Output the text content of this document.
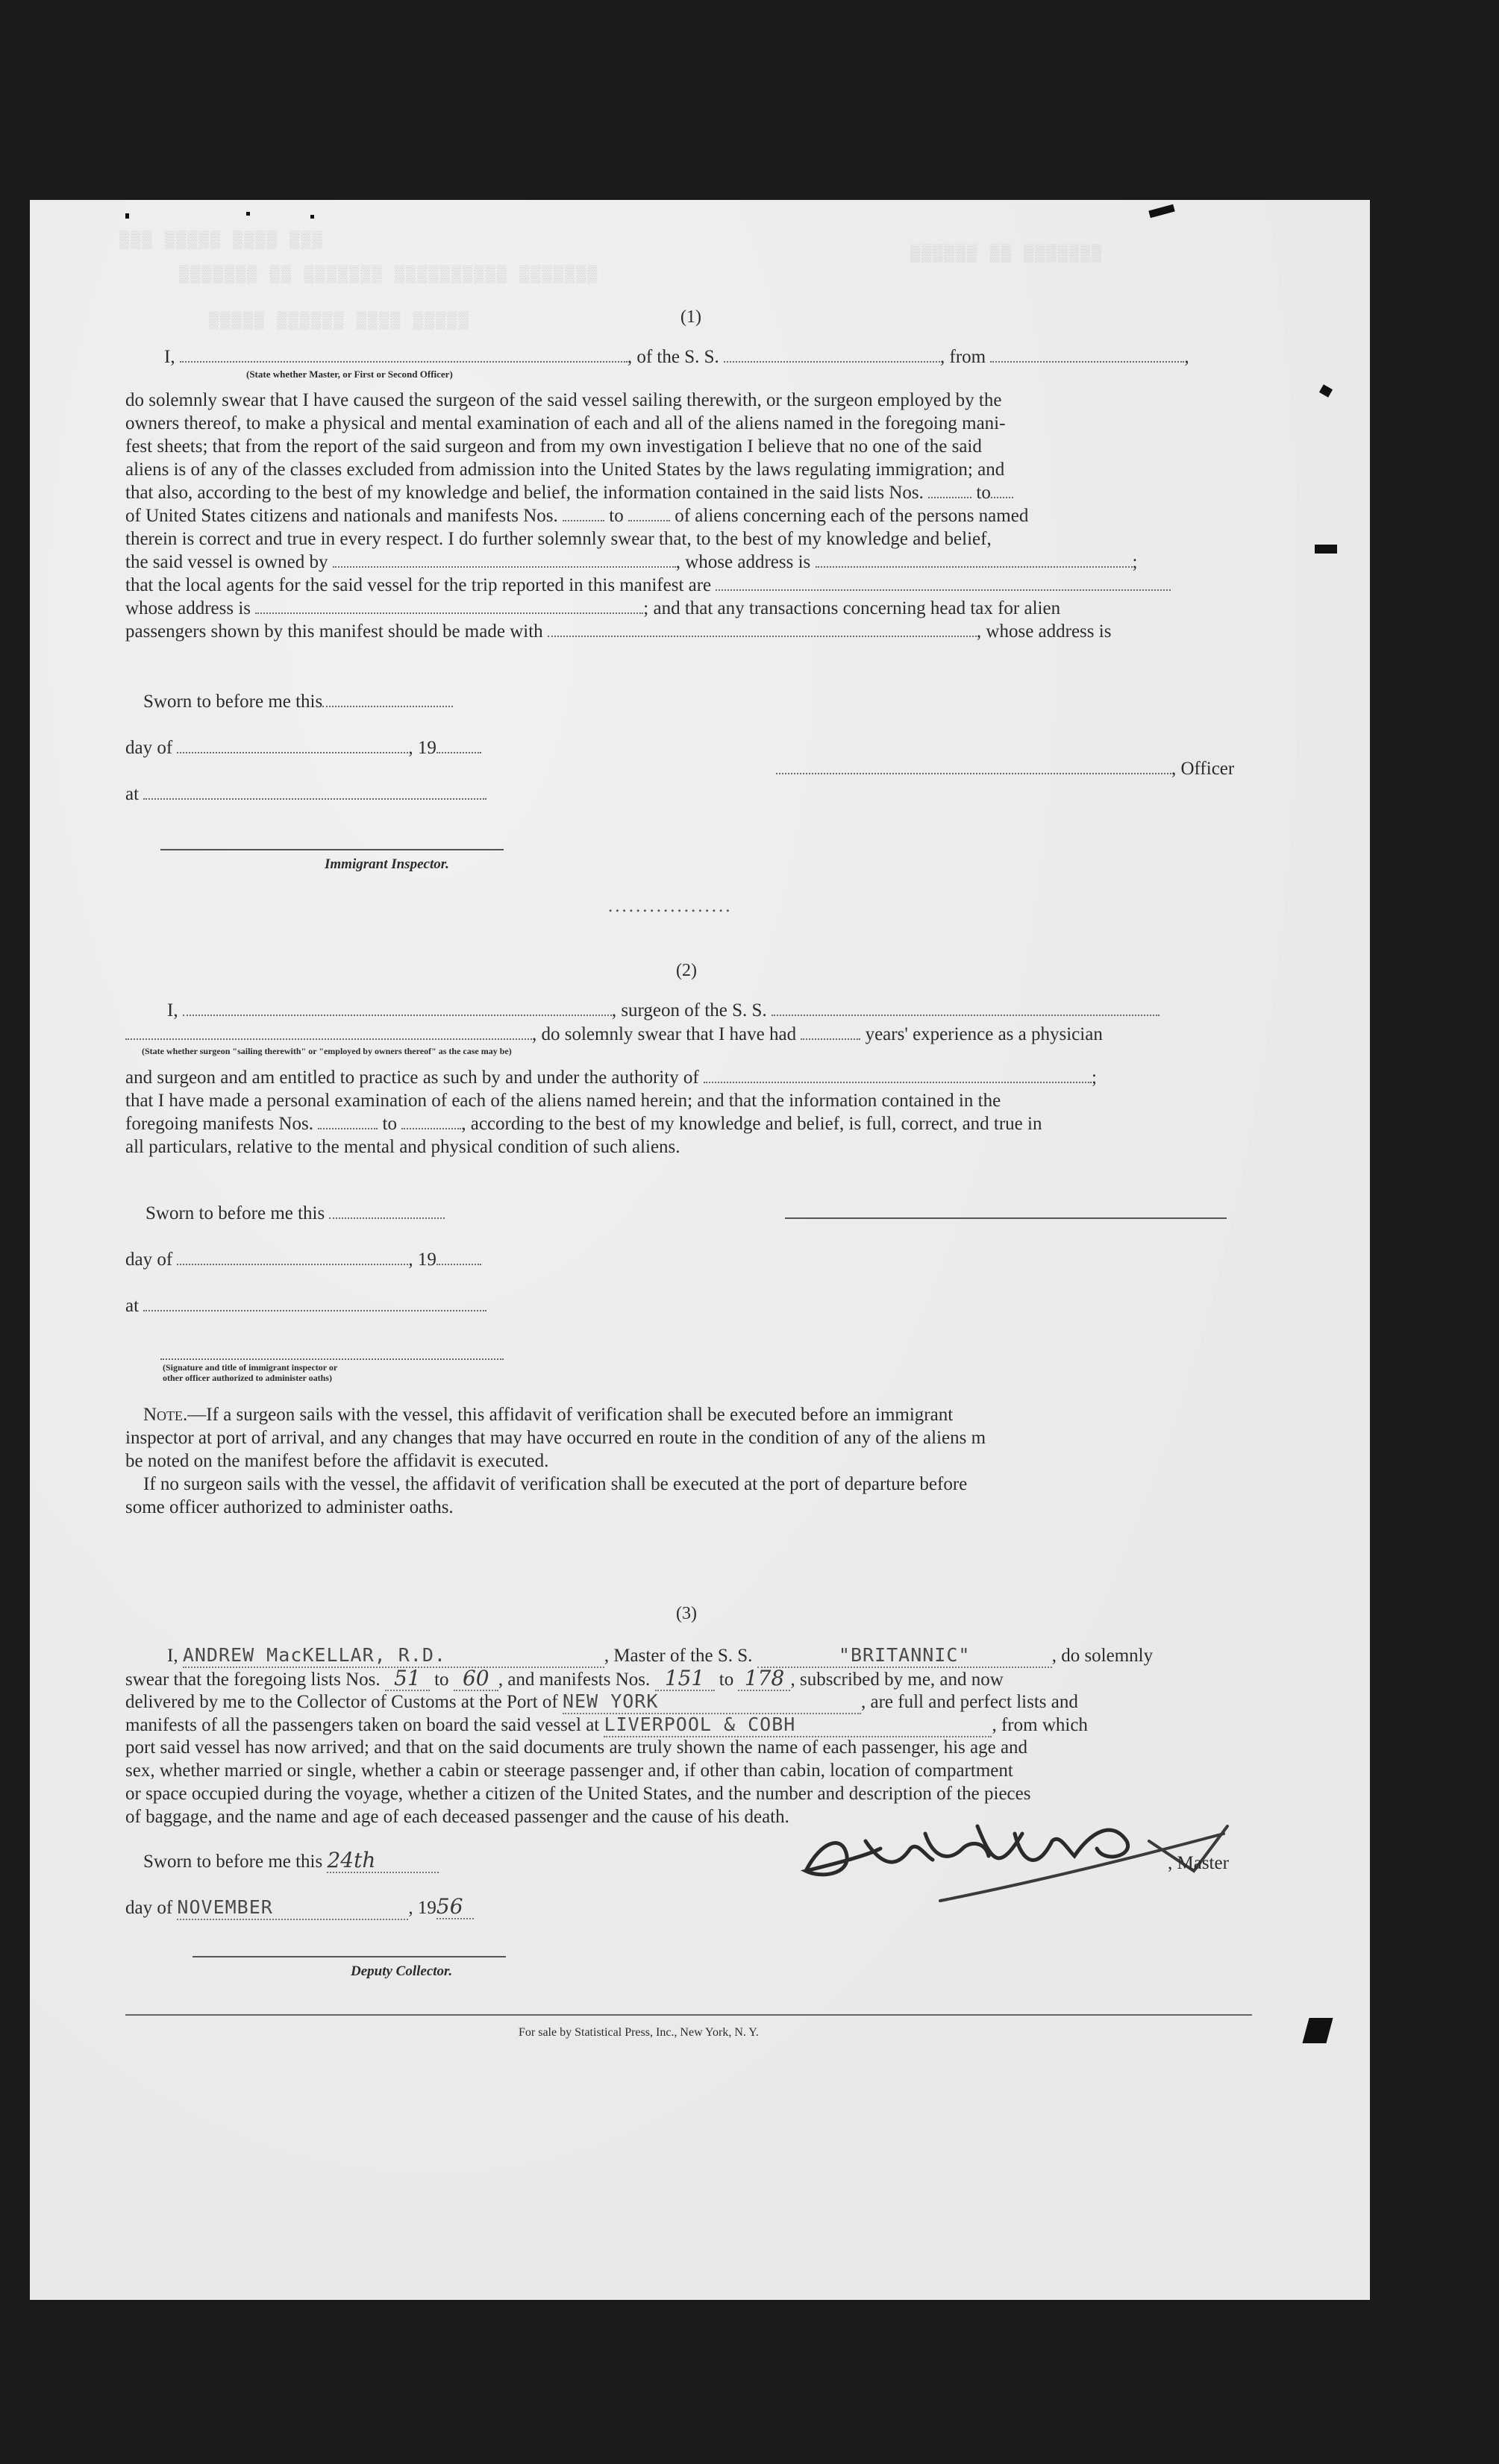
▒▒▒ ▒▒▒▒▒ ▒▒▒▒ ▒▒▒
▒▒▒▒▒▒▒ ▒▒ ▒▒▒▒▒▒▒ ▒▒▒▒▒▒▒▒▒▒ ▒▒▒▒▒▒▒
▒▒▒▒▒▒ ▒▒ ▒▒▒▒▒▒▒
▒▒▒▒▒ ▒▒▒▒▒▒ ▒▒▒▒ ▒▒▒▒▒	(1)
I,	, of the S. S.	, from	,
(State whether Master, or First or Second Officer)
do solemnly swear that I have caused the surgeon of the said vessel sailing therewith, or the surgeon employed by the
owners thereof, to make a physical and mental examination of each and all of the aliens named in the foregoing mani-
fest sheets; that from the report of the said surgeon and from my own investigation I believe that no one of the said
aliens is of any of the classes excluded from admission into the United States by the laws regulating immigration; and
that also, according to the best of my knowledge and belief, the information contained in the said lists Nos.	to
of United States citizens and nationals and manifests Nos.	to	of aliens concerning each of the persons named
therein is correct and true in every respect. I do further solemnly swear that, to the best of my knowledge and belief,
the said vessel is owned by	, whose address is	;
that the local agents for the said vessel for the trip reported in this manifest are
whose address is	; and that any transactions concerning head tax for alien
passengers shown by this manifest should be made with	, whose address is
Sworn to before me this
day of	, 19
at
Immigrant Inspector.
, Officer
..................
(2)
I,	, surgeon of the S. S.
, do solemnly swear that I have had	years' experience as a physician
(State whether surgeon "sailing therewith" or "employed by owners thereof" as the case may be)
and surgeon and am entitled to practice as such by and under the authority of	;
that I have made a personal examination of each of the aliens named herein; and that the information contained in the
foregoing manifests Nos.	to	, according to the best of my knowledge and belief, is full, correct, and true in
all particulars, relative to the mental and physical condition of such aliens.
Sworn to before me this
day of	, 19
at
(Signature and title of immigrant inspector or
other officer authorized to administer oaths)
Note.—If a surgeon sails with the vessel, this affidavit of verification shall be executed before an immigrant
inspector at port of arrival, and any changes that may have occurred en route in the condition of any of the aliens m
be noted on the manifest before the affidavit is executed.
If no surgeon sails with the vessel, the affidavit of verification shall be executed at the port of departure before
some officer authorized to administer oaths.
(3)
I, ANDREW MacKELLAR, R.D.	, Master of the S. S.	"BRITANNIC"	, do solemnly
swear that the foregoing lists Nos. 51 to 60 , and manifests Nos. 151 to 178 , subscribed by me, and now
delivered by me to the Collector of Customs at the Port of NEW YORK	, are full and perfect lists and
manifests of all the passengers taken on board the said vessel at LIVERPOOL & COBH	, from which
port said vessel has now arrived; and that on the said documents are truly shown the name of each passenger, his age and
sex, whether married or single, whether a cabin or steerage passenger and, if other than cabin, location of compartment
or space occupied during the voyage, whether a citizen of the United States, and the number and description of the pieces
of baggage, and the name and age of each deceased passenger and the cause of his death.
Sworn to before me this 24th
day of NOVEMBER	, 1956
Deputy Collector.
, Master
For sale by Statistical Press, Inc., New York, N. Y.
